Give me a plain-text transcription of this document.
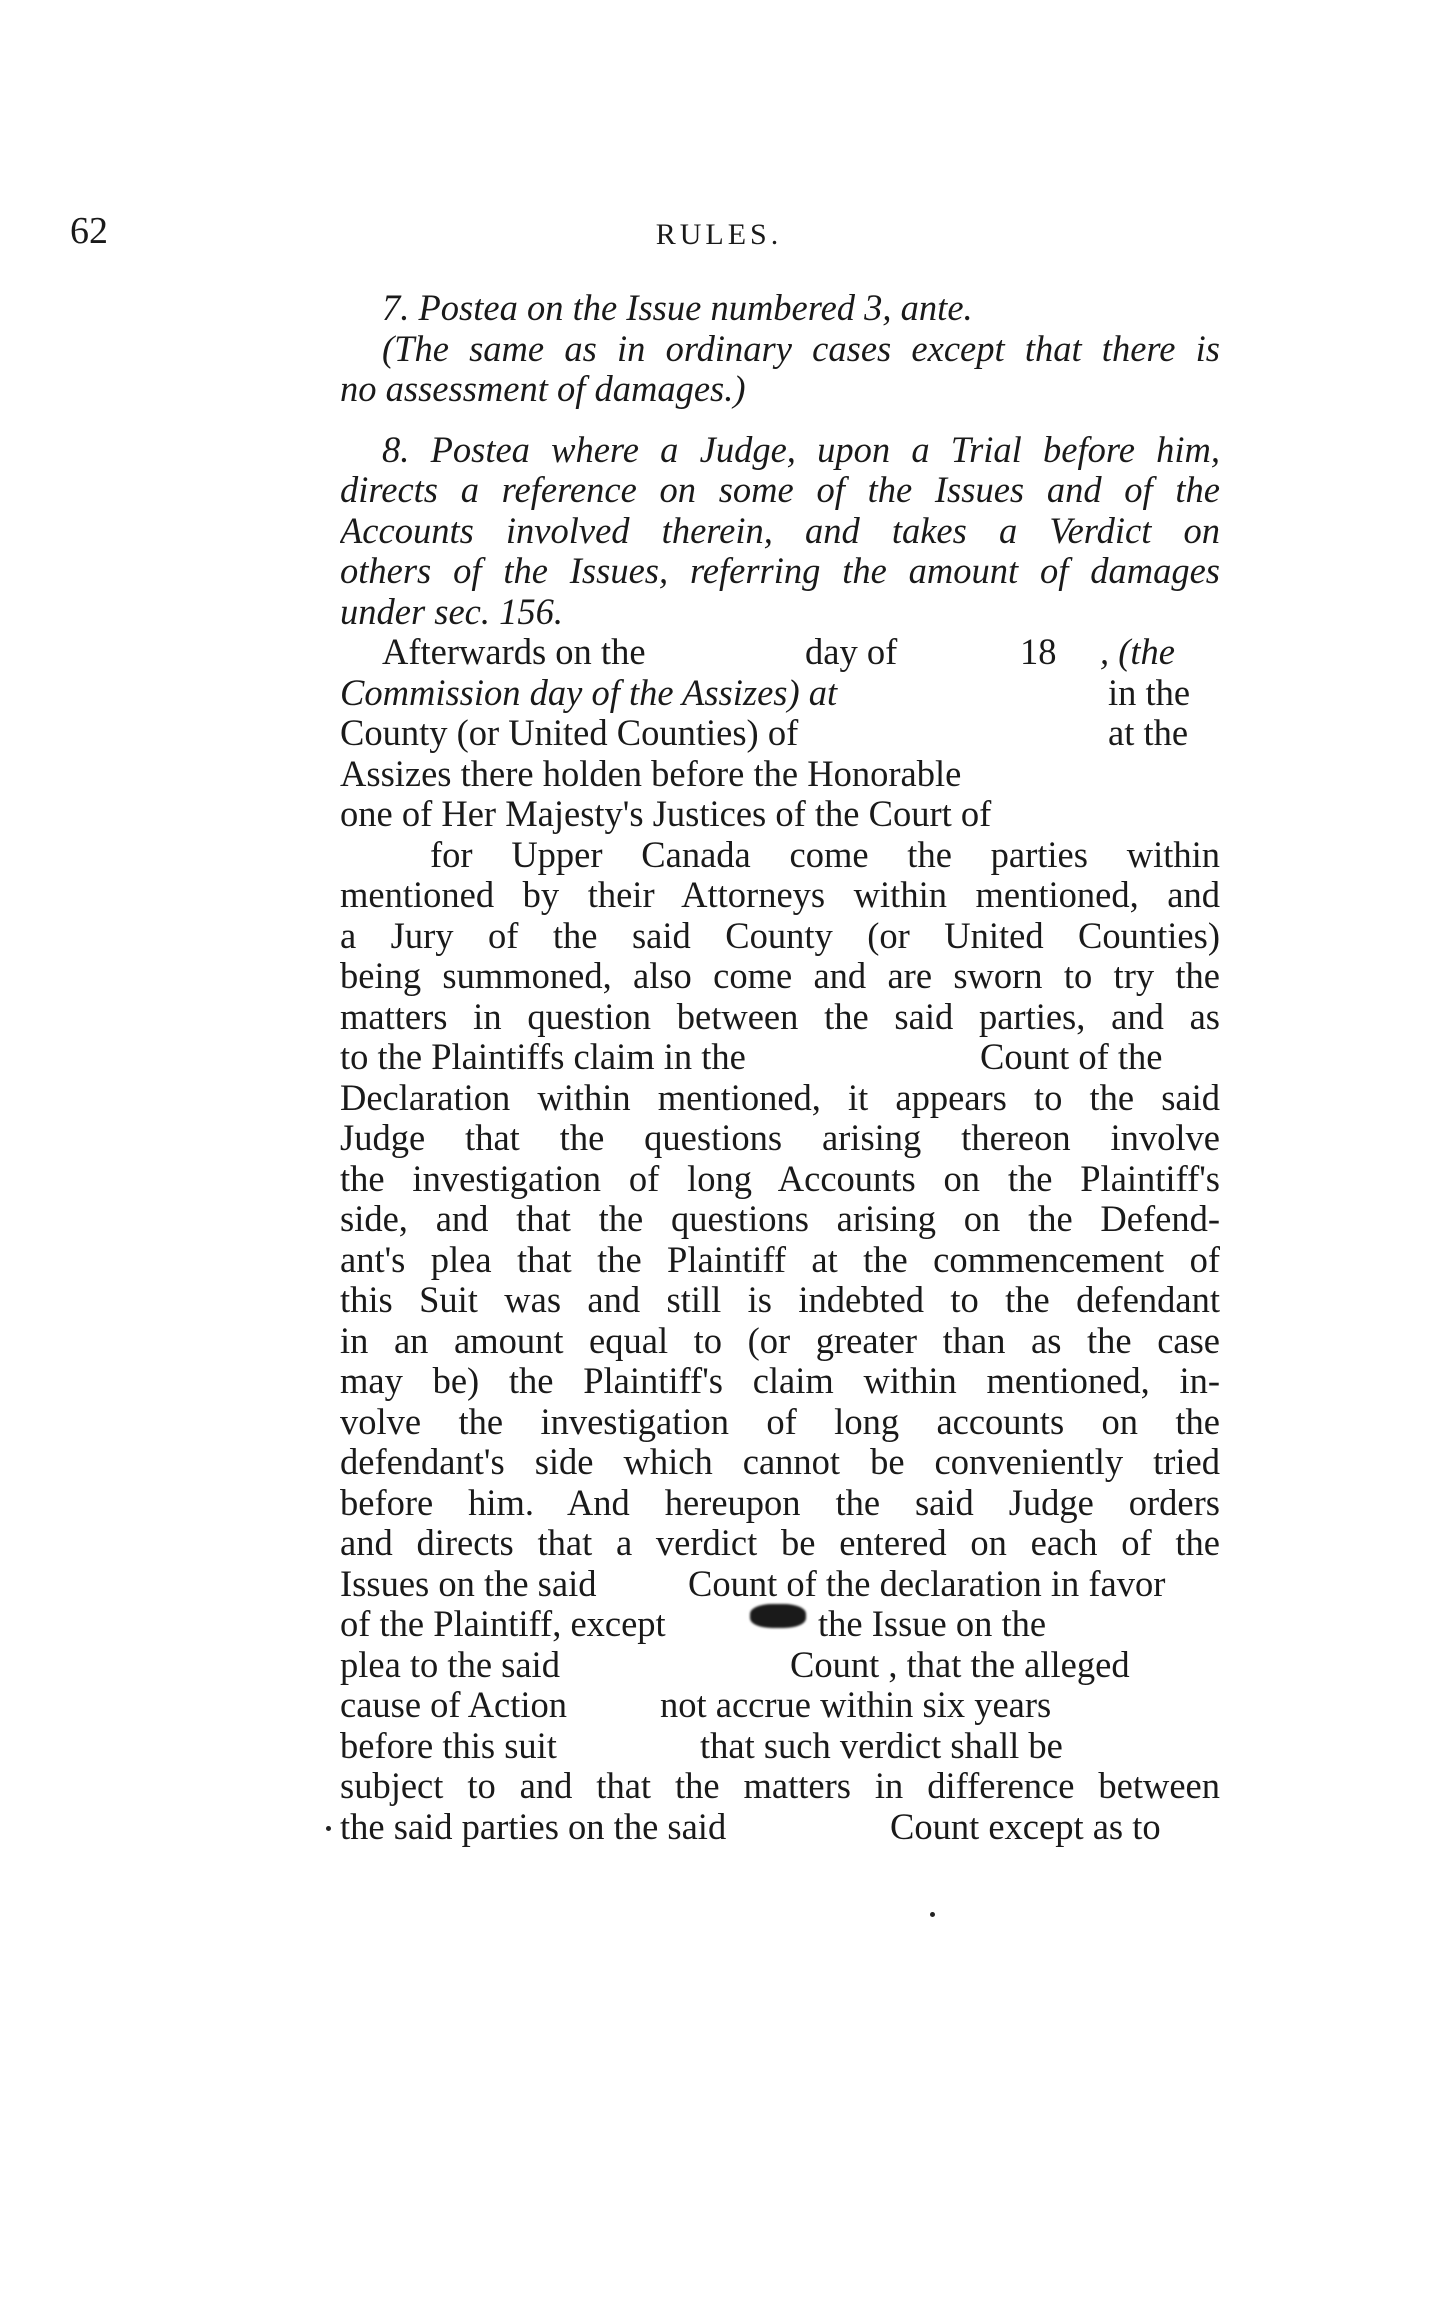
62	RULES.
7. Postea on the Issue numbered 3, ante.
(The same as in ordinary cases except that there is
no assessment of damages.)
8. Postea where a Judge, upon a Trial before him,
directs a reference on some of the Issues and of the
Accounts involved therein, and takes a Verdict on
others of the Issues, referring the amount of damages
under sec. 156.
Afterwards on the	day of	18 , (the
Commission day of the Assizes) at	in the
County (or United Counties) of	at the
Assizes there holden before the Honorable
one of Her Majesty's Justices of the Court of
for Upper Canada come the parties within
mentioned by their Attorneys within mentioned, and
a Jury of the said County (or United Counties)
being summoned, also come and are sworn to try the
matters in question between the said parties, and as
to the Plaintiffs claim in the	Count of the
Declaration within mentioned, it appears to the said
Judge that the questions arising thereon involve
the investigation of long Accounts on the Plaintiff's
side, and that the questions arising on the Defend-
ant's plea that the Plaintiff at the commencement of
this Suit was and still is indebted to the defendant
in an amount equal to (or greater than as the case
may be) the Plaintiff's claim within mentioned, in-
volve the investigation of long accounts on the
defendant's side which cannot be conveniently tried
before him. And hereupon the said Judge orders
and directs that a verdict be entered on each of the
Issues on the said	Count of the declaration in favor
of the Plaintiff, except	the Issue on the
plea to the said	Count , that the alleged
cause of Action	not accrue within six years
before this suit	that such verdict shall be
subject to and that the matters in difference between
the said parties on the said	Count except as to
